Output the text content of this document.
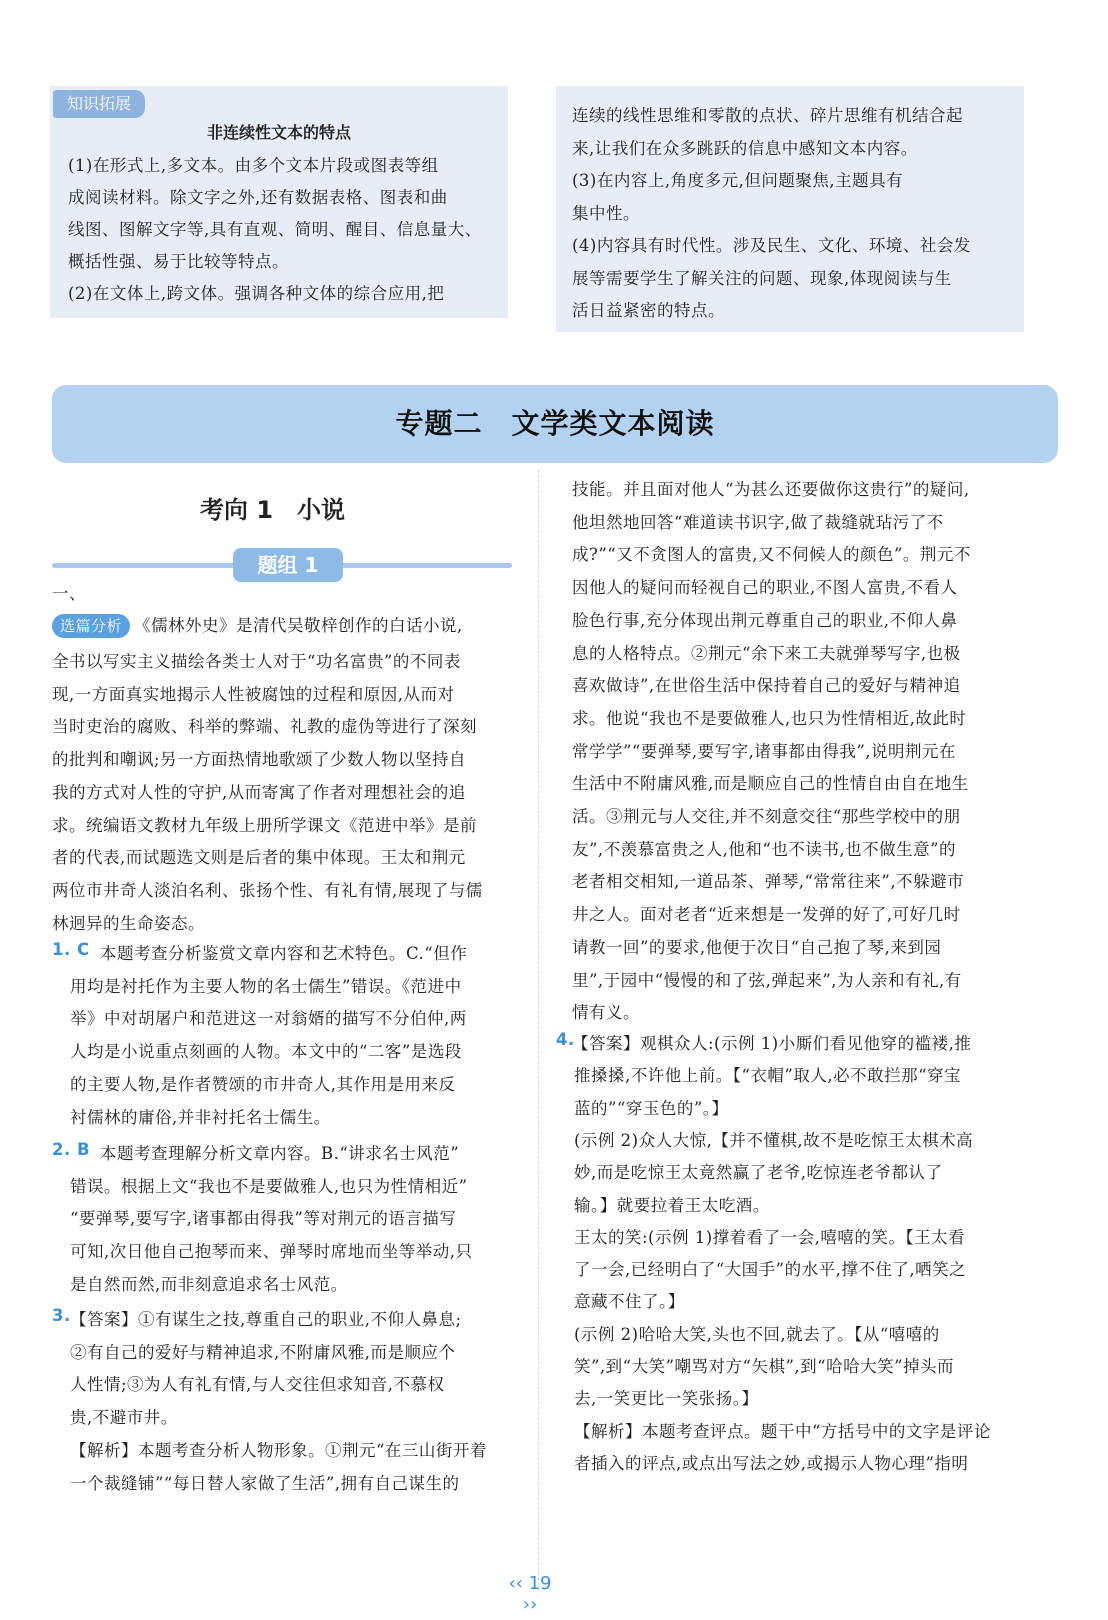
知识拓展
非连续性文本的特点
(1)在形式上,多文本。由多个文本片段或图表等组
成阅读材料。除文字之外,还有数据表格、图表和曲
线图、图解文字等,具有直观、简明、醒目、信息量大、
概括性强、易于比较等特点。
(2)在文体上,跨文体。强调各种文体的综合应用,把
连续的线性思维和零散的点状、碎片思维有机结合起
来,让我们在众多跳跃的信息中感知文本内容。
(3)在内容上,角度多元,但问题聚焦,主题具有
集中性。
(4)内容具有时代性。涉及民生、文化、环境、社会发
展等需要学生了解关注的问题、现象,体现阅读与生
活日益紧密的特点。
专题二　文学类文本阅读
考向 1　小说
题组 1
一、
选篇分析 《儒林外史》是清代吴敬梓创作的白话小说,
全书以写实主义描绘各类士人对于“功名富贵”的不同表
现,一方面真实地揭示人性被腐蚀的过程和原因,从而对
当时吏治的腐败、科举的弊端、礼教的虚伪等进行了深刻
的批判和嘲讽;另一方面热情地歌颂了少数人物以坚持自
我的方式对人性的守护,从而寄寓了作者对理想社会的追
求。统编语文教材九年级上册所学课文《范进中举》是前
者的代表,而试题选文则是后者的集中体现。王太和荆元
两位市井奇人淡泊名利、张扬个性、有礼有情,展现了与儒
林迥异的生命姿态。
1. C 本题考查分析鉴赏文章内容和艺术特色。C.“但作
用均是衬托作为主要人物的名士儒生”错误。《范进中
举》中对胡屠户和范进这一对翁婿的描写不分伯仲,两
人均是小说重点刻画的人物。本文中的“二客”是选段
的主要人物,是作者赞颂的市井奇人,其作用是用来反
衬儒林的庸俗,并非衬托名士儒生。
2. B 本题考查理解分析文章内容。B.“讲求名士风范”
错误。根据上文“我也不是要做雅人,也只为性情相近”
“要弹琴,要写字,诸事都由得我”等对荆元的语言描写
可知,次日他自己抱琴而来、弹琴时席地而坐等举动,只
是自然而然,而非刻意追求名士风范。
3. 【答案】①有谋生之技,尊重自己的职业,不仰人鼻息;
②有自己的爱好与精神追求,不附庸风雅,而是顺应个
人性情;③为人有礼有情,与人交往但求知音,不慕权
贵,不避市井。
【解析】本题考查分析人物形象。①荆元“在三山街开着
一个裁缝铺”“每日替人家做了生活”,拥有自己谋生的
技能。并且面对他人“为甚么还要做你这贵行”的疑问,
他坦然地回答“难道读书识字,做了裁缝就玷污了不
成?”“又不贪图人的富贵,又不伺候人的颜色”。荆元不
因他人的疑问而轻视自己的职业,不图人富贵,不看人
脸色行事,充分体现出荆元尊重自己的职业,不仰人鼻
息的人格特点。②荆元“余下来工夫就弹琴写字,也极
喜欢做诗”,在世俗生活中保持着自己的爱好与精神追
求。他说“我也不是要做雅人,也只为性情相近,故此时
常学学”“要弹琴,要写字,诸事都由得我”,说明荆元在
生活中不附庸风雅,而是顺应自己的性情自由自在地生
活。③荆元与人交往,并不刻意交往“那些学校中的朋
友”,不羡慕富贵之人,他和“也不读书,也不做生意”的
老者相交相知,一道品茶、弹琴,“常常往来”,不躲避市
井之人。面对老者“近来想是一发弹的好了,可好几时
请教一回”的要求,他便于次日“自己抱了琴,来到园
里”,于园中“慢慢的和了弦,弹起来”,为人亲和有礼,有
情有义。
4.
【答案】观棋众人:(示例 1)小厮们看见他穿的褴褛,推
推搡搡,不许他上前。【“衣帽”取人,必不敢拦那“穿宝
蓝的”“穿玉色的”。】
(示例 2)众人大惊,【并不懂棋,故不是吃惊王太棋术高
妙,而是吃惊王太竟然赢了老爷,吃惊连老爷都认了
输。】就要拉着王太吃酒。
王太的笑:(示例 1)撑着看了一会,嘻嘻的笑。【王太看
了一会,已经明白了“大国手”的水平,撑不住了,哂笑之
意藏不住了。】
(示例 2)哈哈大笑,头也不回,就去了。【从“嘻嘻的
笑”,到“大笑”嘲骂对方“矢棋”,到“哈哈大笑”掉头而
去,一笑更比一笑张扬。】
【解析】本题考查评点。题干中“方括号中的文字是评论
者插入的评点,或点出写法之妙,或揭示人物心理”指明
‹‹ 19 ››
